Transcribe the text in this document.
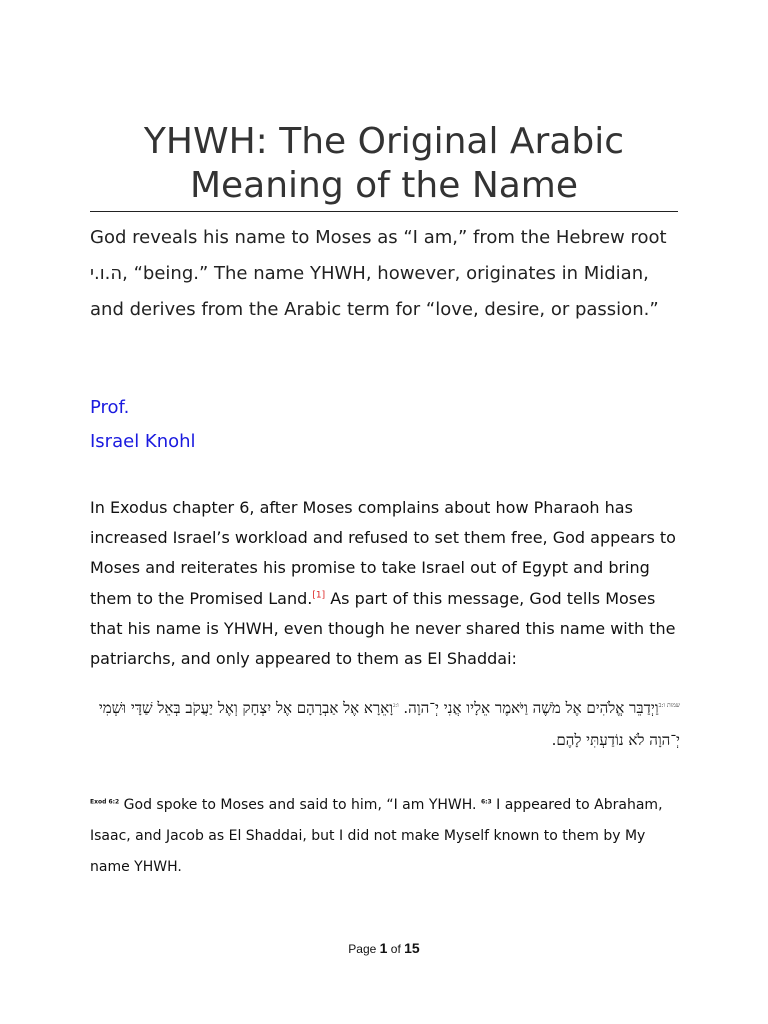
YHWH: The Original Arabic Meaning of the Name

God reveals his name to Moses as “I am,” from the Hebrew root ה.ו.י, “being.” The name YHWH, however, originates in Midian, and derives from the Arabic term for “love, desire, or passion.”

Prof.

Israel Knohl

In Exodus chapter 6, after Moses complains about how Pharaoh has increased Israel’s workload and refused to set them free, God appears to Moses and reiterates his promise to take Israel out of Egypt and bring them to the Promised Land.[1] As part of this message, God tells Moses that his name is YHWH, even though he never shared this name with the patriarchs, and only appeared to them as El Shaddai:

$^{שמות ו:ב}$וַיְדַבֵּר אֱלֹהִים אֶל מֹשֶׁה וַיֹּאמֶר אֵלָיו אֲנִי יְ־הוָה. $^{ו:ג}$וָאֵרָא אֶל אַבְרָהָם אֶל יִצְחָק וְאֶל יַעֲקֹב בְּאֵל שַׁדָּי וּשְׁמִי יְ־הוָה לֹא נוֹדַעְתִּי לָהֶם.

$^{Exod 6:2}$ God spoke to Moses and said to him, “I am YHWH. $^{6:3}$ I appeared to Abraham, Isaac, and Jacob as El Shaddai, but I did not make Myself known to them by My name YHWH.

Page 1 of 15
